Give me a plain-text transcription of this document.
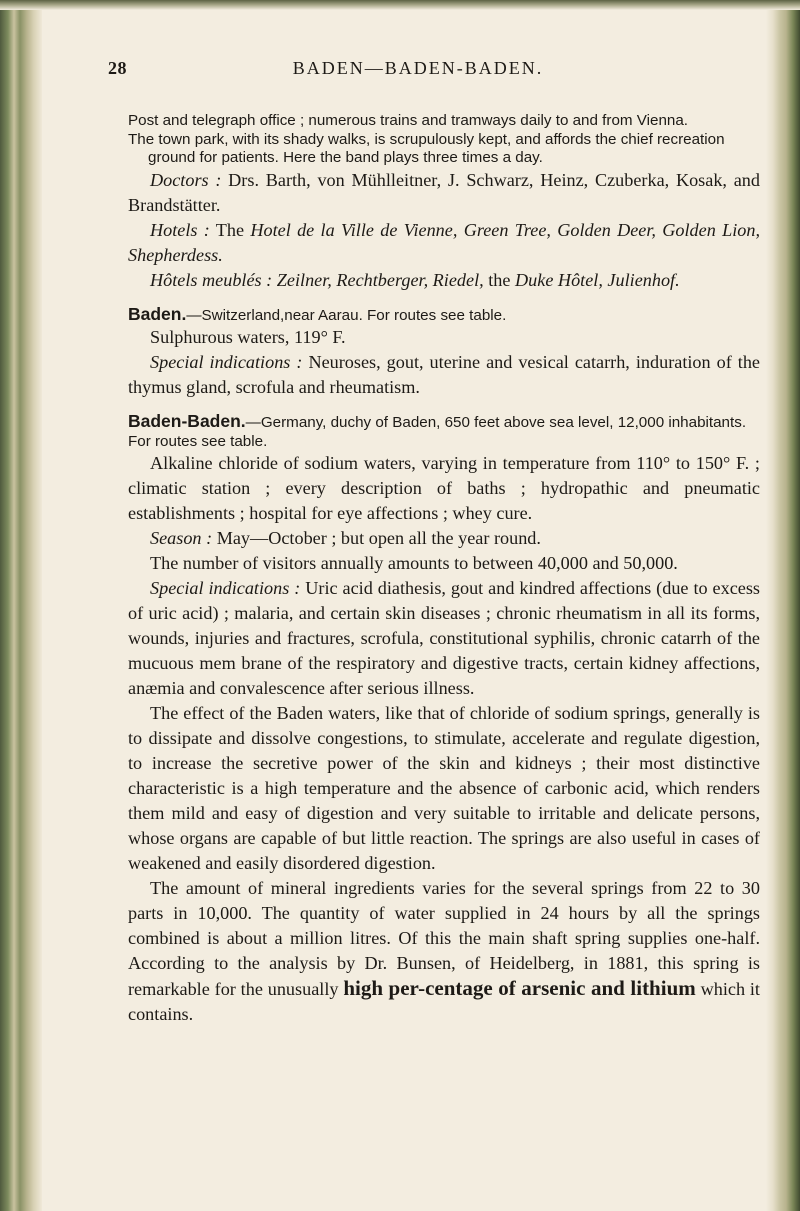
28	BADEN—BADEN-BADEN.

Post and telegraph office ; numerous trains and tramways daily to and from Vienna.

The town park, with its shady walks, is scrupulously kept, and affords the chief recreation ground for patients. Here the band plays three times a day.

Doctors : Drs. Barth, von Mühlleitner, J. Schwarz, Heinz, Czuberka, Kosak, and Brandstätter.

Hotels : The Hotel de la Ville de Vienne, Green Tree, Golden Deer, Golden Lion, Shepherdess.

Hôtels meublés : Zeilner, Rechtberger, Riedel, the Duke Hôtel, Julienhof.

Baden.—Switzerland,near Aarau. For routes see table.

Sulphurous waters, 119° F.

Special indications : Neuroses, gout, uterine and vesical catarrh, induration of the thymus gland, scrofula and rheumatism.

Baden-Baden.—Germany, duchy of Baden, 650 feet above sea level, 12,000 inhabitants. For routes see table.

Alkaline chloride of sodium waters, varying in temperature from 110° to 150° F. ; climatic station ; every description of baths ; hydropathic and pneumatic establishments ; hospital for eye affections ; whey cure.

Season : May—October ; but open all the year round.

The number of visitors annually amounts to between 40,000 and 50,000.

Special indications : Uric acid diathesis, gout and kindred affections (due to excess of uric acid) ; malaria, and certain skin diseases ; chronic rheumatism in all its forms, wounds, injuries and fractures, scrofula, constitutional syphilis, chronic catarrh of the mucuous mem brane of the respiratory and digestive tracts, certain kidney affections, anæmia and convalescence after serious illness.

The effect of the Baden waters, like that of chloride of sodium springs, generally is to dissipate and dissolve congestions, to stimulate, accelerate and regulate digestion, to increase the secretive power of the skin and kidneys ; their most distinctive characteristic is a high temperature and the absence of carbonic acid, which renders them mild and easy of digestion and very suitable to irritable and delicate persons, whose organs are capable of but little reaction. The springs are also useful in cases of weakened and easily disordered digestion.

The amount of mineral ingredients varies for the several springs from 22 to 30 parts in 10,000. The quantity of water supplied in 24 hours by all the springs combined is about a million litres. Of this the main shaft spring supplies one-half. According to the analysis by Dr. Bunsen, of Heidelberg, in 1881, this spring is remarkable for the unusually high per-centage of arsenic and lithium which it contains.
